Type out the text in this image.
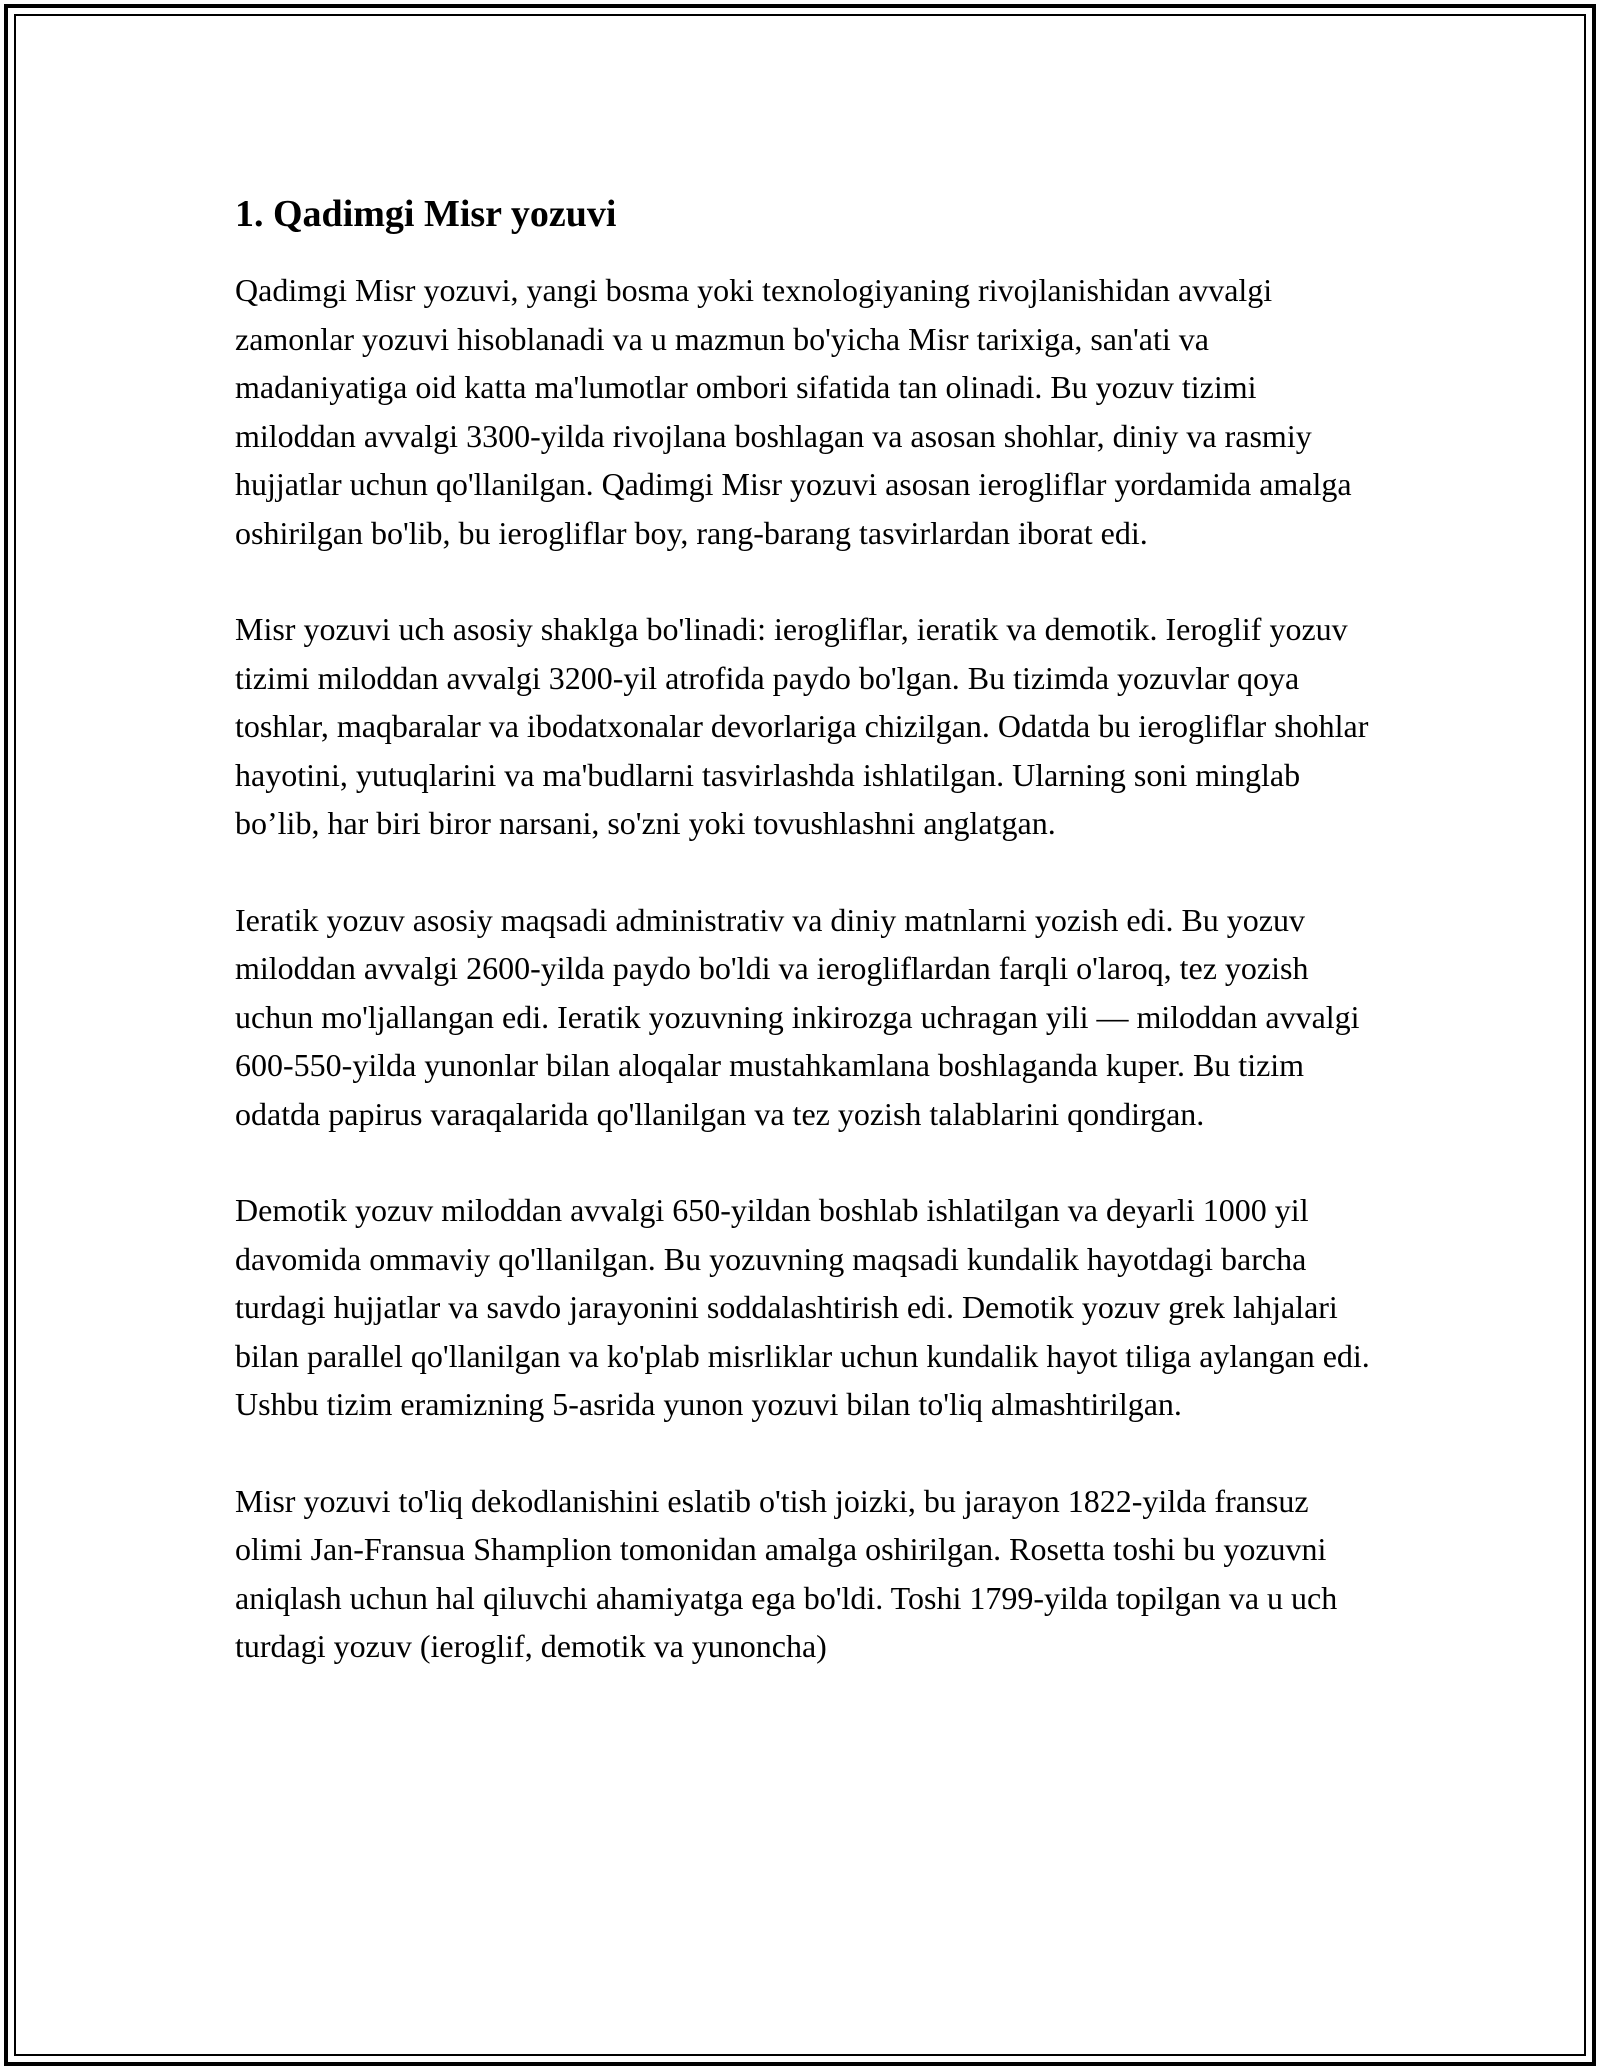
1. Qadimgi Misr yozuvi

Qadimgi Misr yozuvi, yangi bosma yoki texnologiyaning rivojlanishidan avvalgi zamonlar yozuvi hisoblanadi va u mazmun bo'yicha Misr tarixiga, san'ati va madaniyatiga oid katta ma'lumotlar ombori sifatida tan olinadi. Bu yozuv tizimi miloddan avvalgi 3300-yilda rivojlana boshlagan va asosan shohlar, diniy va rasmiy hujjatlar uchun qo'llanilgan. Qadimgi Misr yozuvi asosan ierogliflar yordamida amalga oshirilgan bo'lib, bu ierogliflar boy, rang-barang tasvirlardan iborat edi.

Misr yozuvi uch asosiy shaklga bo'linadi: ierogliflar, ieratik va demotik. Ieroglif yozuv tizimi miloddan avvalgi 3200-yil atrofida paydo bo'lgan. Bu tizimda yozuvlar qoya toshlar, maqbaralar va ibodatxonalar devorlariga chizilgan. Odatda bu ierogliflar shohlar hayotini, yutuqlarini va ma'budlarni tasvirlashda ishlatilgan. Ularning soni minglab bo’lib, har biri biror narsani, so'zni yoki tovushlashni anglatgan.

Ieratik yozuv asosiy maqsadi administrativ va diniy matnlarni yozish edi. Bu yozuv miloddan avvalgi 2600-yilda paydo bo'ldi va ierogliflardan farqli o'laroq, tez yozish uchun mo'ljallangan edi. Ieratik yozuvning inkirozga uchragan yili — miloddan avvalgi 600-550-yilda yunonlar bilan aloqalar mustahkamlana boshlaganda kuper. Bu tizim odatda papirus varaqalarida qo'llanilgan va tez yozish talablarini qondirgan.

Demotik yozuv miloddan avvalgi 650-yildan boshlab ishlatilgan va deyarli 1000 yil davomida ommaviy qo'llanilgan. Bu yozuvning maqsadi kundalik hayotdagi barcha turdagi hujjatlar va savdo jarayonini soddalashtirish edi. Demotik yozuv grek lahjalari bilan parallel qo'llanilgan va ko'plab misrliklar uchun kundalik hayot tiliga aylangan edi. Ushbu tizim eramizning 5-asrida yunon yozuvi bilan to'liq almashtirilgan.

Misr yozuvi to'liq dekodlanishini eslatib o'tish joizki, bu jarayon 1822-yilda fransuz olimi Jan-Fransua Shamplion tomonidan amalga oshirilgan. Rosetta toshi bu yozuvni aniqlash uchun hal qiluvchi ahamiyatga ega bo'ldi. Toshi 1799-yilda topilgan va u uch turdagi yozuv (ieroglif, demotik va yunoncha)
